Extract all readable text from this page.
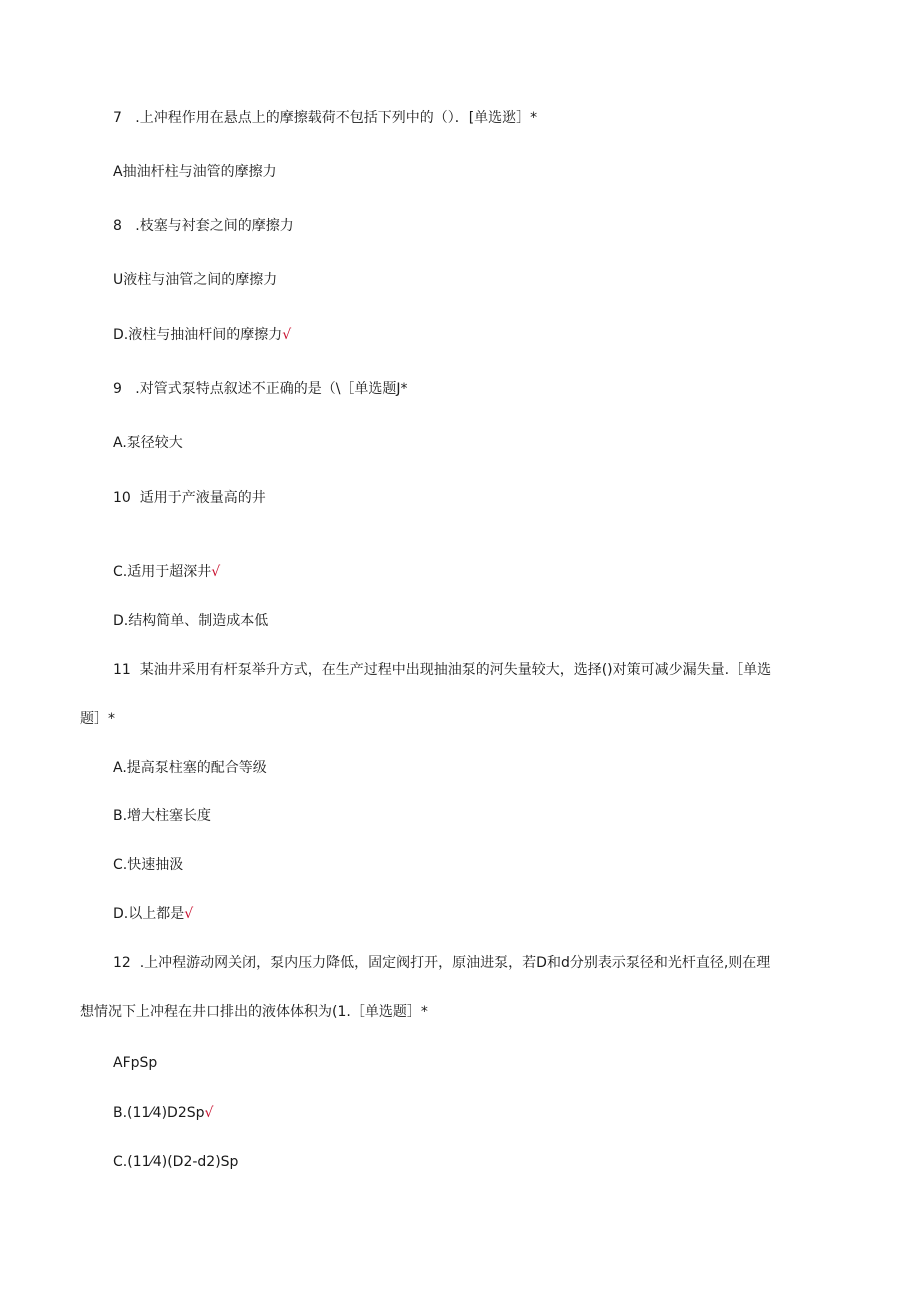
7   .上冲程作用在悬点上的摩擦载荷不包括下列中的（）．[单选逖］*
A抽油杆柱与油管的摩擦力
8   .枝塞与衬套之间的摩擦力
U液柱与油管之间的摩擦力
D.液柱与抽油杆间的摩擦力√
9   .对管式泵特点叙述不正确的是（\［单选题J*
A.泵径较大
10  适用于产液量高的井
C.适用于超深井√
D.结构简单、制造成本低
11  某油井采用有杆泵举升方式，在生产过程中出现抽油泵的河失量较大，选择()对策可减少漏失量.［单选
题］*
A.提高泵柱塞的配合等级
B.增大柱塞长度
C.快速抽汲
D.以上都是√
12  .上冲程游动网关闭，泵内压力降低，固定阀打开，原油进泵，若D和d分别表示泵径和光杆直径,则在理
想情况下上冲程在井口排出的液体体积为(1.［单选题］*
AFpSp
B.(11⁄4)D2Sp√
C.(11⁄4)(D2-d2)Sp
